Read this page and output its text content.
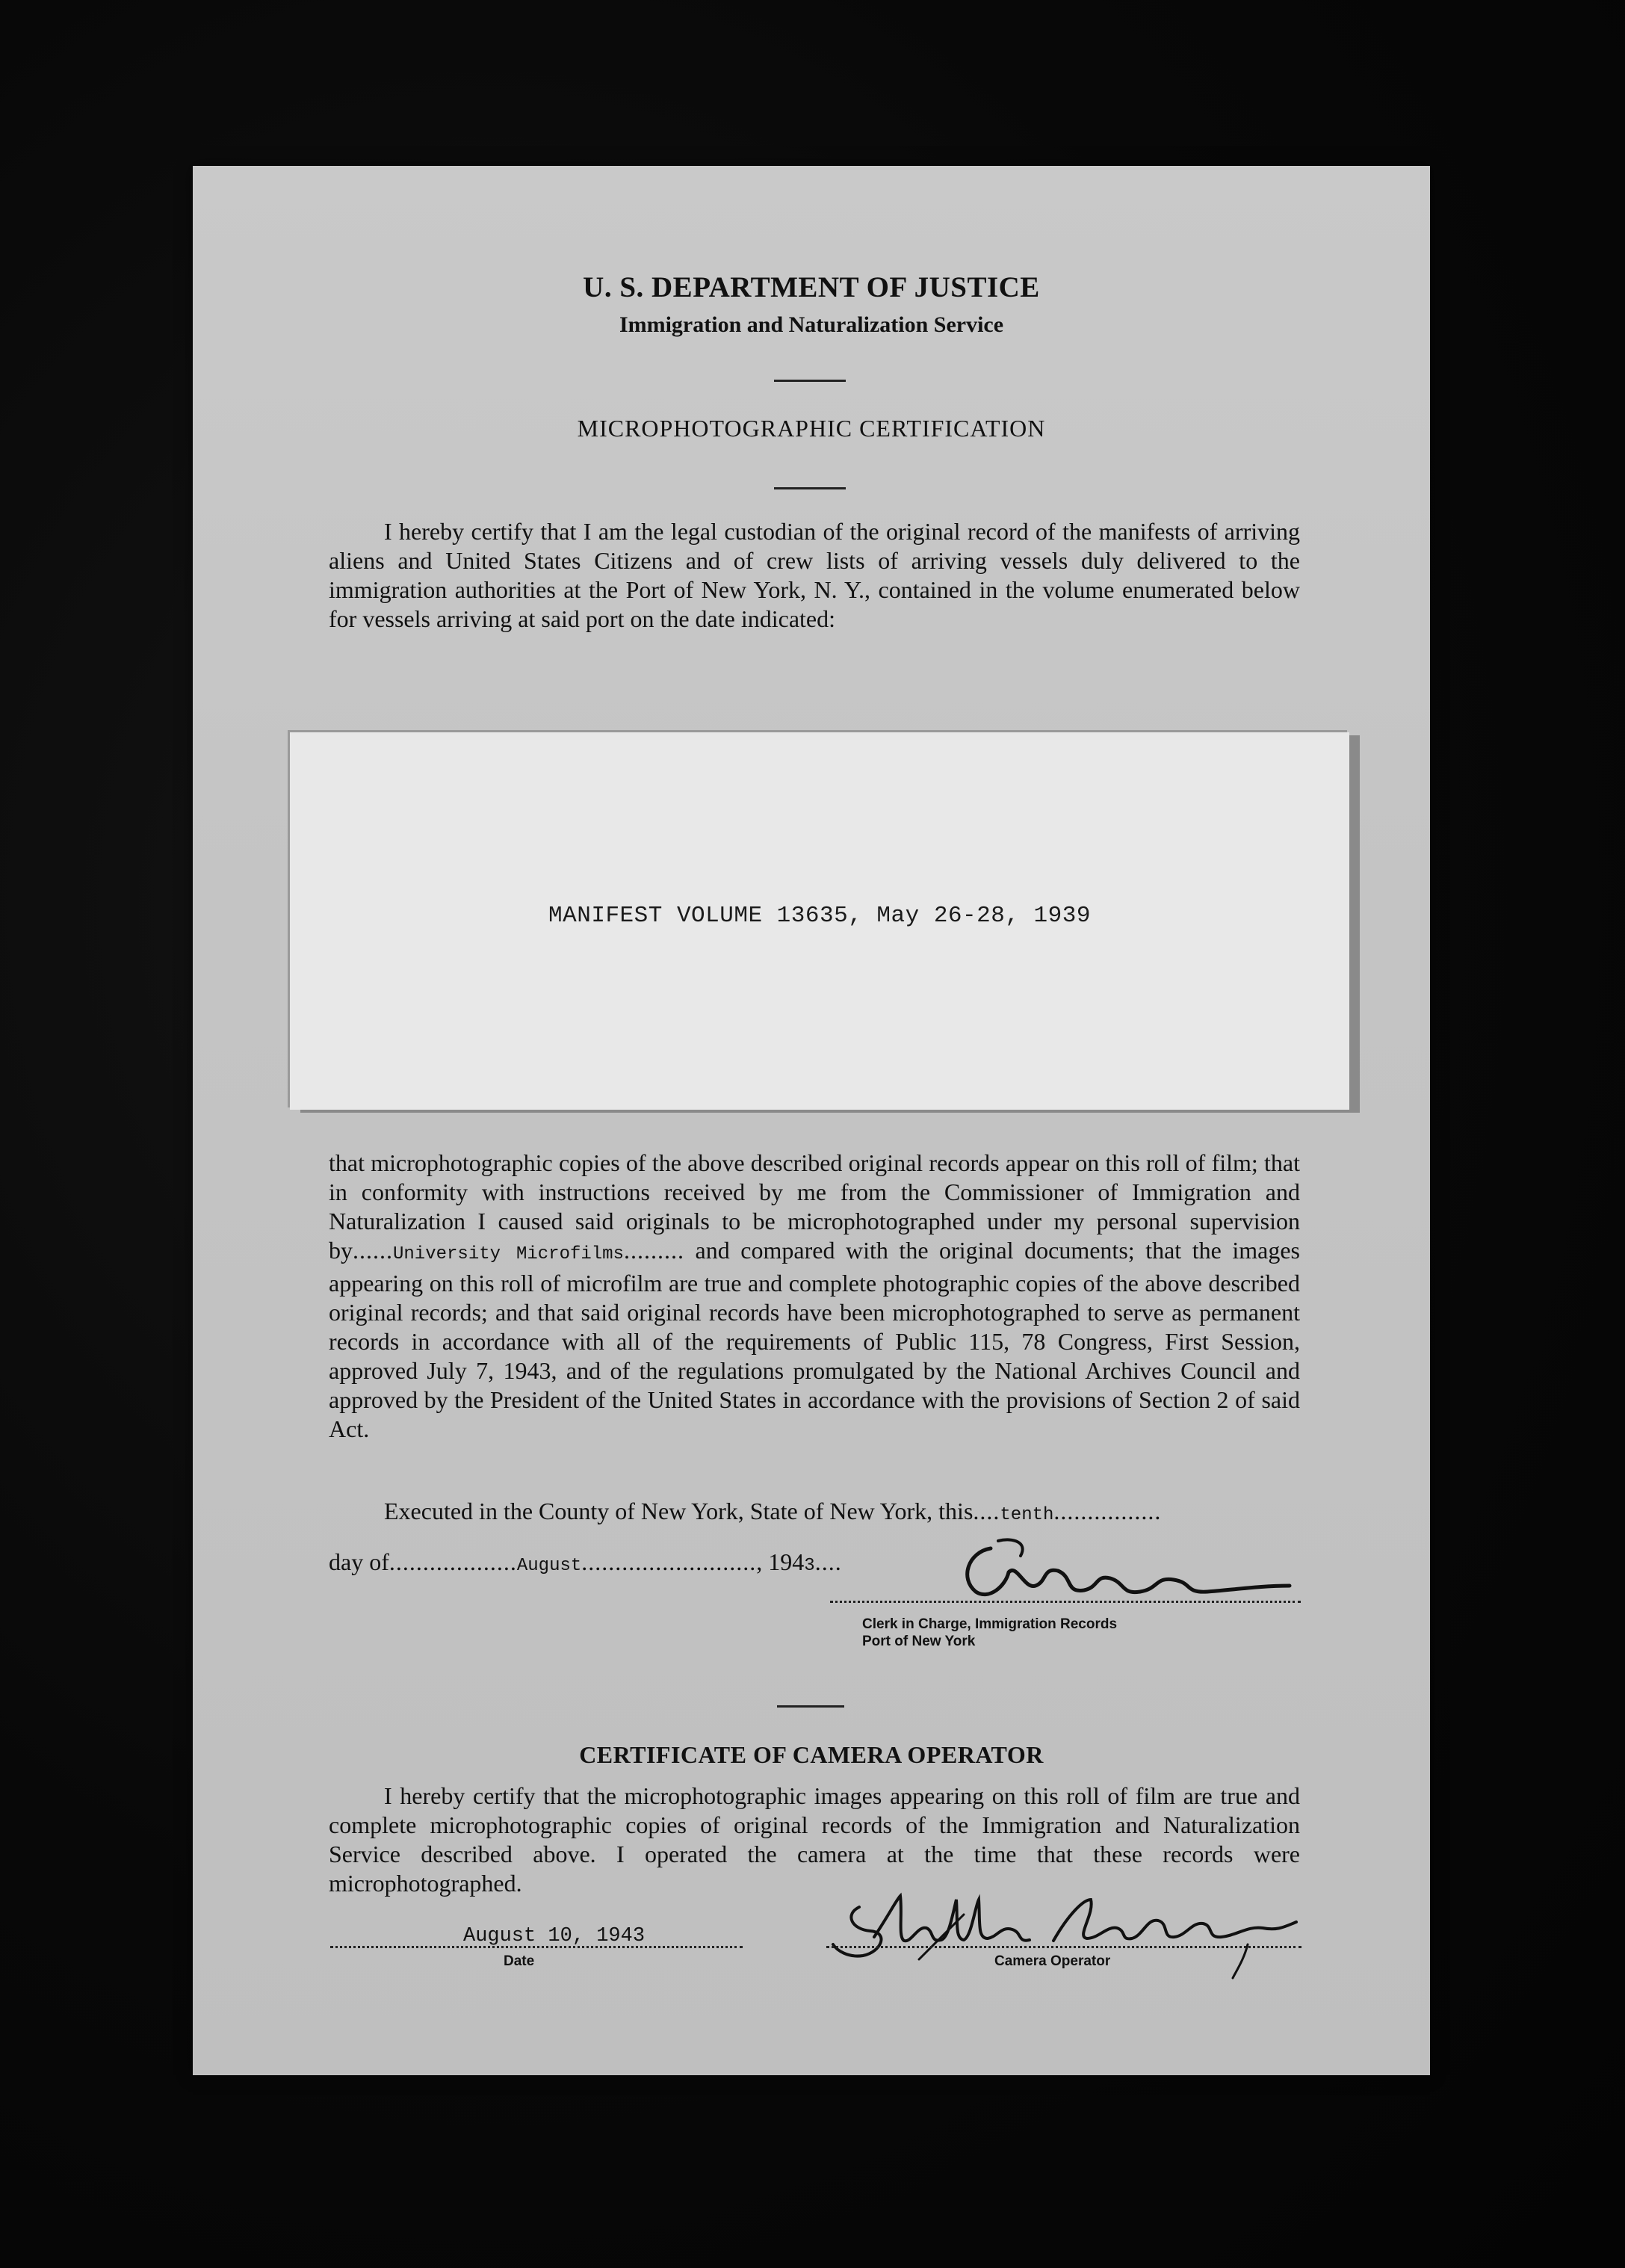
U. S. DEPARTMENT OF JUSTICE
Immigration and Naturalization Service
MICROPHOTOGRAPHIC CERTIFICATION
I hereby certify that I am the legal custodian of the original record of the manifests of arriving aliens and United States Citizens and of crew lists of arriving vessels duly delivered to the immigration authorities at the Port of New York, N. Y., contained in the volume enumerated below for vessels arriving at said port on the date indicated:
MANIFEST VOLUME 13635, May 26-28, 1939
that microphotographic copies of the above described original records appear on this roll of film; that in conformity with instructions received by me from the Commissioner of Immigration and Naturalization I caused said originals to be microphotographed under my personal supervision by......University Microfilms......... and compared with the original documents; that the images appearing on this roll of microfilm are true and complete photographic copies of the above described original records; and that said original records have been microphotographed to serve as permanent records in accordance with all of the requirements of Public 115, 78 Congress, First Session, approved July 7, 1943, and of the regulations promulgated by the National Archives Council and approved by the President of the United States in accordance with the provisions of Section 2 of said Act.
Executed in the County of New York, State of New York, this....tenth................
day of...................August.........................., 1943....
Clerk in Charge, Immigration Records
Port of New York
CERTIFICATE OF CAMERA OPERATOR
I hereby certify that the microphotographic images appearing on this roll of film are true and complete microphotographic copies of original records of the Immigration and Naturalization Service described above. I operated the camera at the time that these records were microphotographed.
August 10, 1943
Date	Camera Operator
